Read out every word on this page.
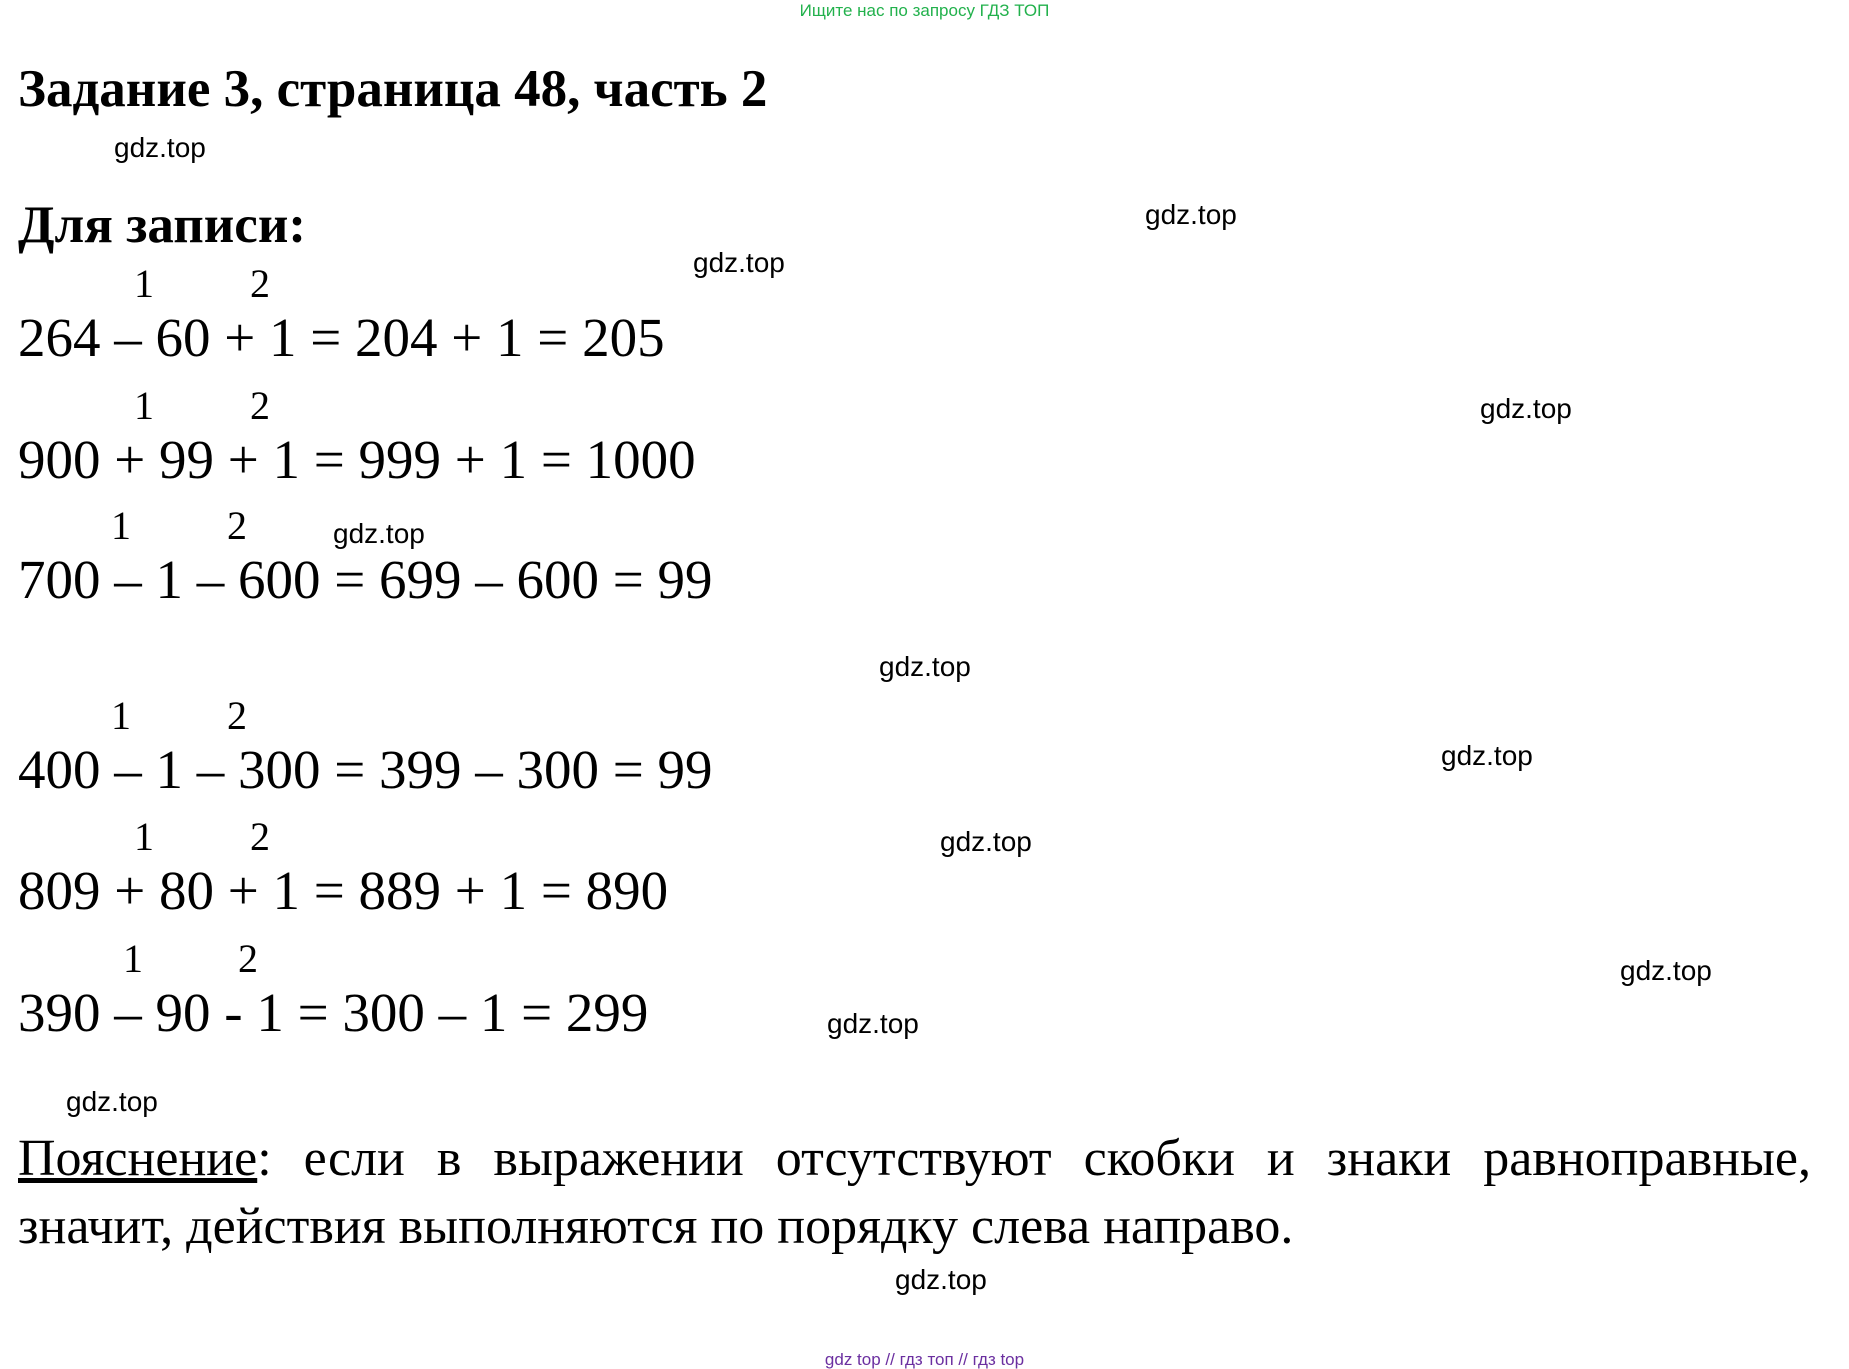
Ищите нас по запросу ГДЗ ТОП
Задание 3, страница 48, часть 2
Для записи:
1 2
264 – 60 + 1 = 204 + 1 = 205
1 2
900 + 99 + 1 = 999 + 1 = 1000
1 2
700 – 1 – 600 = 699 – 600 = 99
1 2
400 – 1 – 300 = 399 – 300 = 99
1 2
809 + 80 + 1 = 889 + 1 = 890
1 2
390 – 90 - 1 = 300 – 1 = 299
gdz.top
gdz.top
gdz.top
gdz.top
gdz.top
gdz.top
gdz.top
gdz.top
gdz.top
gdz.top
gdz.top
gdz.top
Пояснение: если в выражении отсутствуют скобки и знаки равноправные, значит, действия выполняются по порядку слева направо.
gdz top // гдз топ // гдз top
